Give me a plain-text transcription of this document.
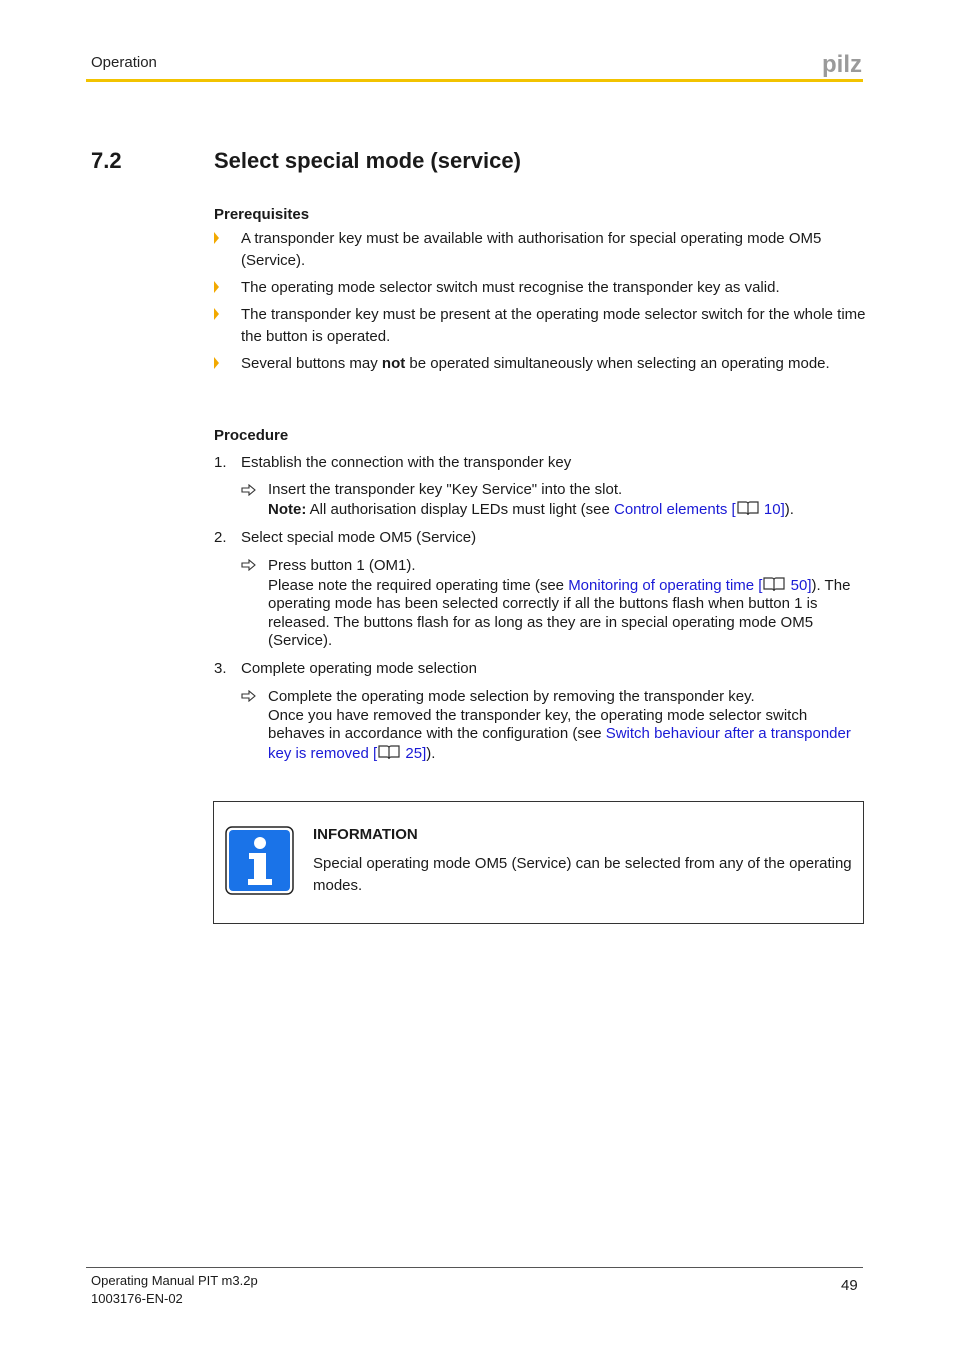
Operation	pilz
7.2	Select special mode (service)
Prerequisites
A transponder key must be available with authorisation for special operating mode OM5 (Service).
The operating mode selector switch must recognise the transponder key as valid.
The transponder key must be present at the operating mode selector switch for the whole time the button is operated.
Several buttons may not be operated simultaneously when selecting an operating mode.
Procedure
1. Establish the connection with the transponder key
Insert the transponder key "Key Service" into the slot.
Note: All authorisation display LEDs must light (see Control elements [ 10]).
2. Select special mode OM5 (Service)
Press button 1 (OM1).
Please note the required operating time (see Monitoring of operating time [ 50]). The operating mode has been selected correctly if all the buttons flash when button 1 is released. The buttons flash for as long as they are in special operating mode OM5 (Service).
3. Complete operating mode selection
Complete the operating mode selection by removing the transponder key.
Once you have removed the transponder key, the operating mode selector switch behaves in accordance with the configuration (see Switch behaviour after a transponder key is removed [ 25]).
INFORMATION
Special operating mode OM5 (Service) can be selected from any of the operating modes.
Operating Manual PIT m3.2p
1003176-EN-02
49
